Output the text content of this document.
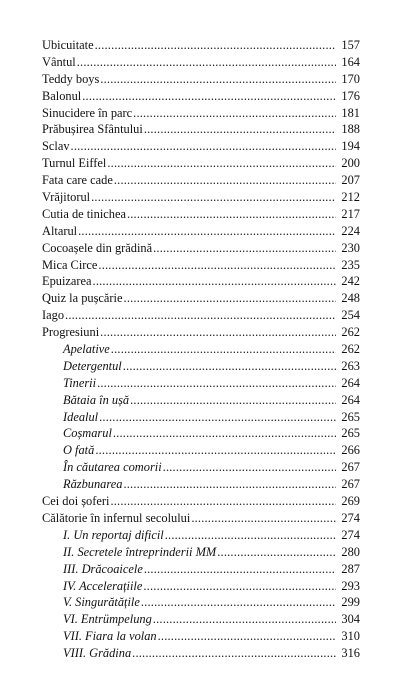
Ubicuitate .....	157
Vântul .....	164
Teddy boys .....	170
Balonul .....	176
Sinucidere în parc .....	181
Prăbușirea Sfântului .....	188
Sclav .....	194
Turnul Eiffel .....	200
Fata care cade .....	207
Vrăjitorul .....	212
Cutia de tinichea .....	217
Altarul .....	224
Cocoașele din grădină .....	230
Mica Circe .....	235
Epuizarea .....	242
Quiz la pușcărie .....	248
Iago .....	254
Progresiuni .....	262
Apelative .....	262
Detergentul .....	263
Tinerii .....	264
Bătaia în ușă .....	264
Idealul .....	265
Coșmarul .....	265
O fată .....	266
În căutarea comorii .....	267
Răzbunarea .....	267
Cei doi șoferi .....	269
Călătorie în infernul secolului .....	274
I. Un reportaj dificil .....	274
II. Secretele întreprinderii MM .....	280
III. Drăcoaicele .....	287
IV. Accelerațiile .....	293
V. Singurătățile .....	299
VI. Entrümpelung .....	304
VII. Fiara la volan .....	310
VIII. Grădina .....	316
